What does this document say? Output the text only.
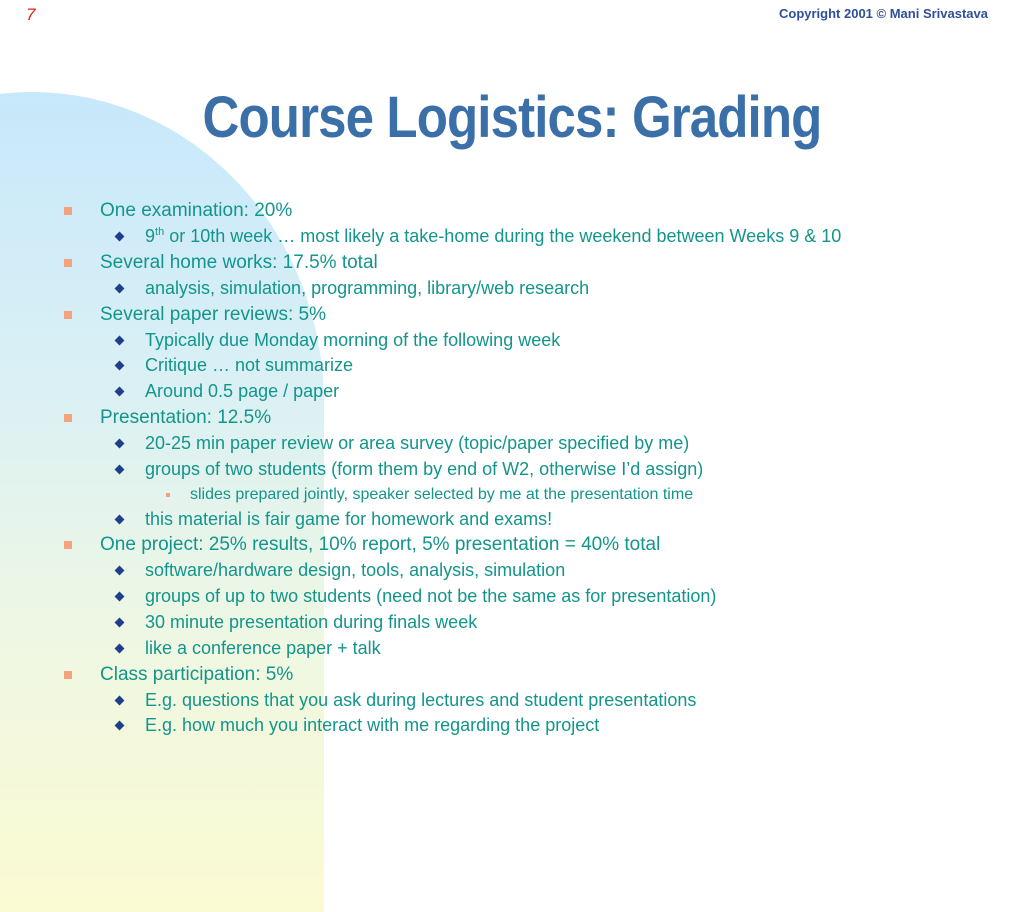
7	Copyright 2001 © Mani Srivastava
Course Logistics: Grading
One examination: 20%
9th or 10th week … most likely a take-home during the weekend between Weeks 9 & 10
Several home works: 17.5% total
analysis, simulation, programming, library/web research
Several paper reviews: 5%
Typically due Monday morning of the following week
Critique … not summarize
Around 0.5 page / paper
Presentation: 12.5%
20-25 min paper review or area survey (topic/paper specified by me)
groups of two students (form them by end of W2, otherwise I’d assign)
slides prepared jointly, speaker selected by me at the presentation time
this material is fair game for homework and exams!
One project: 25% results, 10% report, 5% presentation = 40% total
software/hardware design, tools, analysis, simulation
groups of up to two students (need not be the same as for presentation)
30 minute presentation during finals week
like a conference paper + talk
Class participation: 5%
E.g. questions that you ask during lectures and student presentations
E.g. how much you interact with me regarding the project
